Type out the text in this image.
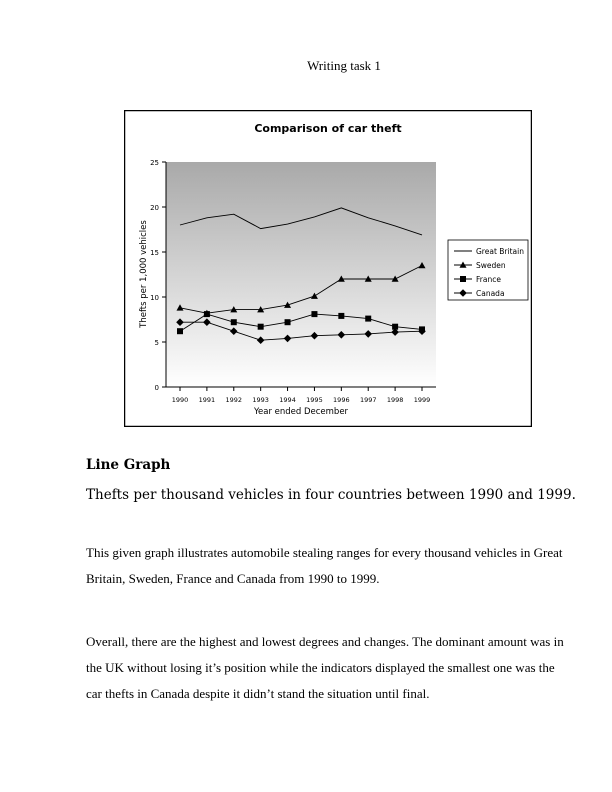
Writing task 1
Comparison of car theft
0
5
10
15
20
25
1990 1991 1992 1993 1994 1995 1996 1997 1998 1999
Year ended December
Thefts per 1,000 vehicles	Great Britain
Sweden
France
Canada
Line Graph
Thefts per thousand vehicles in four countries between 1990 and 1999.

This given graph illustrates automobile stealing ranges for every thousand vehicles in Great Britain, Sweden, France and Canada from 1990 to 1999.

Overall, there are the highest and lowest degrees and changes. The dominant amount was in the UK without losing it’s position while the indicators displayed the smallest one was the car thefts in Canada despite it didn’t stand the situation until final.
